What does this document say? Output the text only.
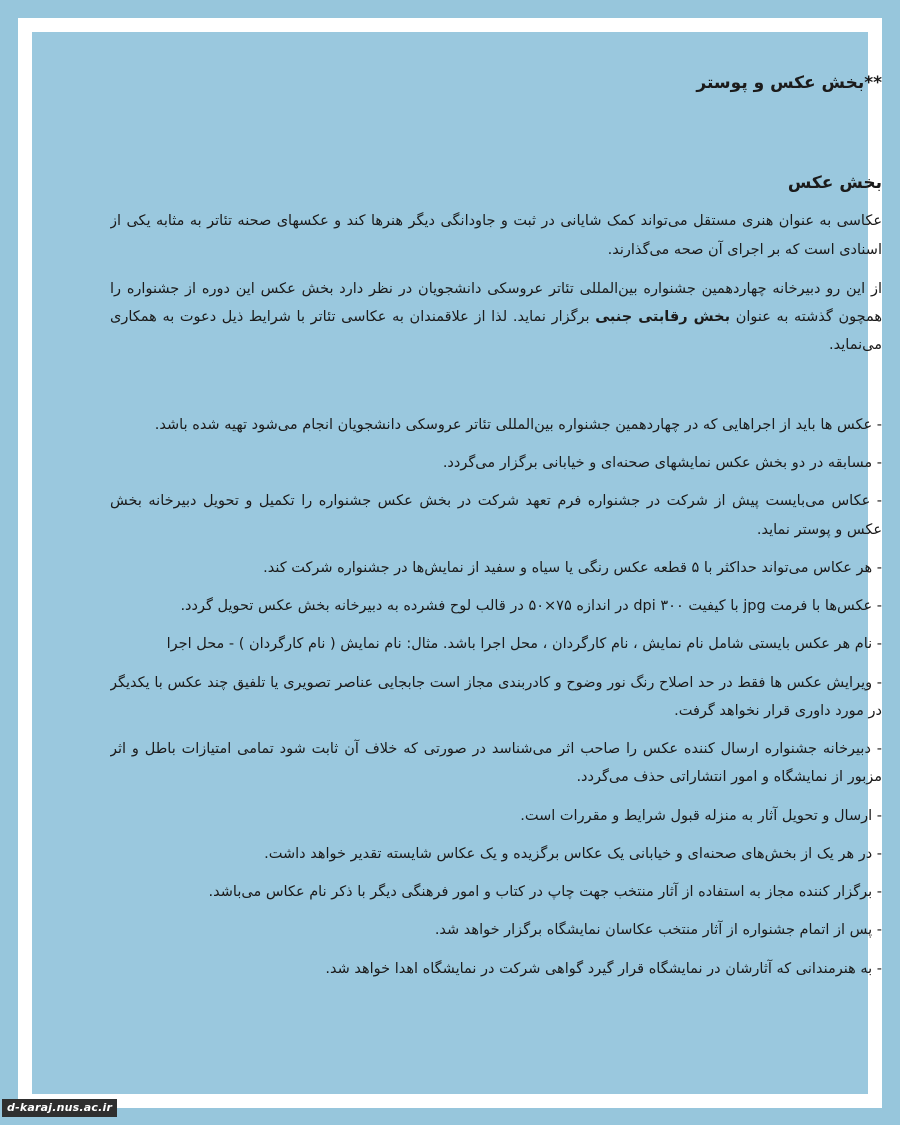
**بخش عکس و پوستر
بخش عکس

عکاسی به عنوان هنری مستقل می‌تواند کمک شایانی در ثبت و جاودانگی دیگر هنرها کند و عکسهای صحنه تئاتر به مثابه یکی از اسنادی است که بر اجرای آن صحه می‌گذارند.

از این رو دبیرخانه چهاردهمین جشنواره بین‌المللی تئاتر عروسکی دانشجویان در نظر دارد بخش عکس این دوره از جشنواره را همچون گذشته به عنوان بخش رقابتی جنبی برگزار نماید. لذا از علاقمندان به عکاسی تئاتر با شرایط ذیل دعوت به همکاری می‌نماید.

- عکس ها باید از اجراهایی که در چهاردهمین جشنواره بین‌المللی تئاتر عروسکی دانشجویان انجام می‌شود تهیه شده باشد.

- مسابقه در دو بخش عکس نمایشهای صحنه‌ای و خیابانی برگزار می‌گردد.

- عکاس می‌بایست پیش از شرکت در جشنواره فرم تعهد شرکت در بخش عکس جشنواره را تکمیل و تحویل دبیرخانه بخش عکس و پوستر نماید.

- هر عکاس می‌تواند حداکثر با ۵ قطعه عکس رنگی یا سیاه و سفید از نمایش‌ها در جشنواره شرکت کند.

- عکس‌ها با فرمت jpg با کیفیت ۳۰۰ dpi در اندازه ۷۵×۵۰ در قالب لوح فشرده به دبیرخانه بخش عکس تحویل گردد.

- نام هر عکس بایستی شامل نام نمایش ، نام کارگردان ، محل اجرا باشد. مثال: نام نمایش ( نام کارگردان ) - محل اجرا

- ویرایش عکس ها فقط در حد اصلاح رنگ نور وضوح و کادربندی مجاز است جابجایی عناصر تصویری یا تلفیق چند عکس با یکدیگر در مورد داوری قرار نخواهد گرفت.

- دبیرخانه جشنواره ارسال کننده عکس را صاحب اثر می‌شناسد در صورتی که خلاف آن ثابت شود تمامی امتیازات باطل و اثر مزبور از نمایشگاه و امور انتشاراتی حذف می‌گردد.

- ارسال و تحویل آثار به منزله قبول شرایط و مقررات است.

- در هر یک از بخش‌های صحنه‌ای و خیابانی یک عکاس برگزیده و یک عکاس شایسته تقدیر خواهد داشت.

- برگزار کننده مجاز به استفاده از آثار منتخب جهت چاپ در کتاب و امور فرهنگی دیگر با ذکر نام عکاس می‌باشد.

- پس از اتمام جشنواره از آثار منتخب عکاسان نمایشگاه برگزار خواهد شد.

- به هنرمندانی که آثارشان در نمایشگاه قرار گیرد گواهی شرکت در نمایشگاه اهدا خواهد شد.

d-karaj.nus.ac.ir
